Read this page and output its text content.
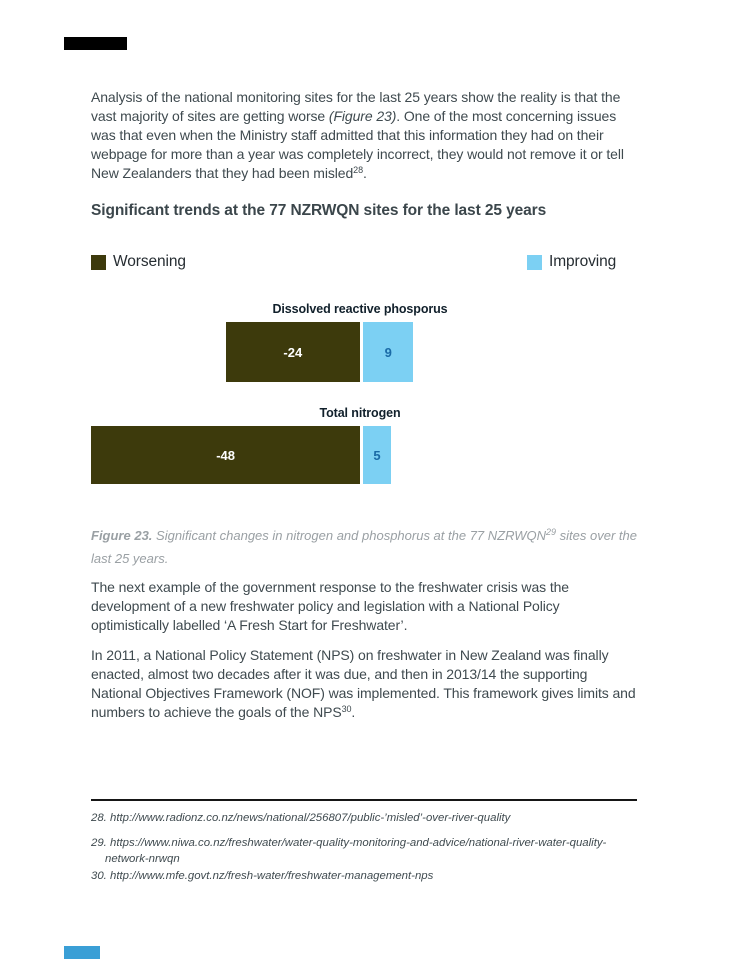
Analysis of the national monitoring sites for the last 25 years show the reality is that the vast majority of sites are getting worse (Figure 23). One of the most concerning issues was that even when the Ministry staff admitted that this information they had on their webpage for more than a year was completely incorrect, they would not remove it or tell New Zealanders that they had been misled$^{28}$.

Significant trends at the 77 NZRWQN sites for the last 25 years
Worsening	Improving
Dissolved reactive phosporus
-24	9
Total nitrogen
-48	5

Figure 23. Significant changes in nitrogen and phosphorus at the 77 NZRWQN$^{29}$ sites over the last 25 years.

The next example of the government response to the freshwater crisis was the development of a new freshwater policy and legislation with a National Policy optimistically labelled ‘A Fresh Start for Freshwater’.

In 2011, a National Policy Statement (NPS) on freshwater in New Zealand was finally enacted, almost two decades after it was due, and then in 2013/14 the supporting National Objectives Framework (NOF) was implemented. This framework gives limits and numbers to achieve the goals of the NPS$^{30}$.

28. http://www.radionz.co.nz/news/national/256807/public-’misled’-over-river-quality

29. https://www.niwa.co.nz/freshwater/water-quality-monitoring-and-advice/national-river-water-quality-network-nrwqn

30. http://www.mfe.govt.nz/fresh-water/freshwater-management-nps
